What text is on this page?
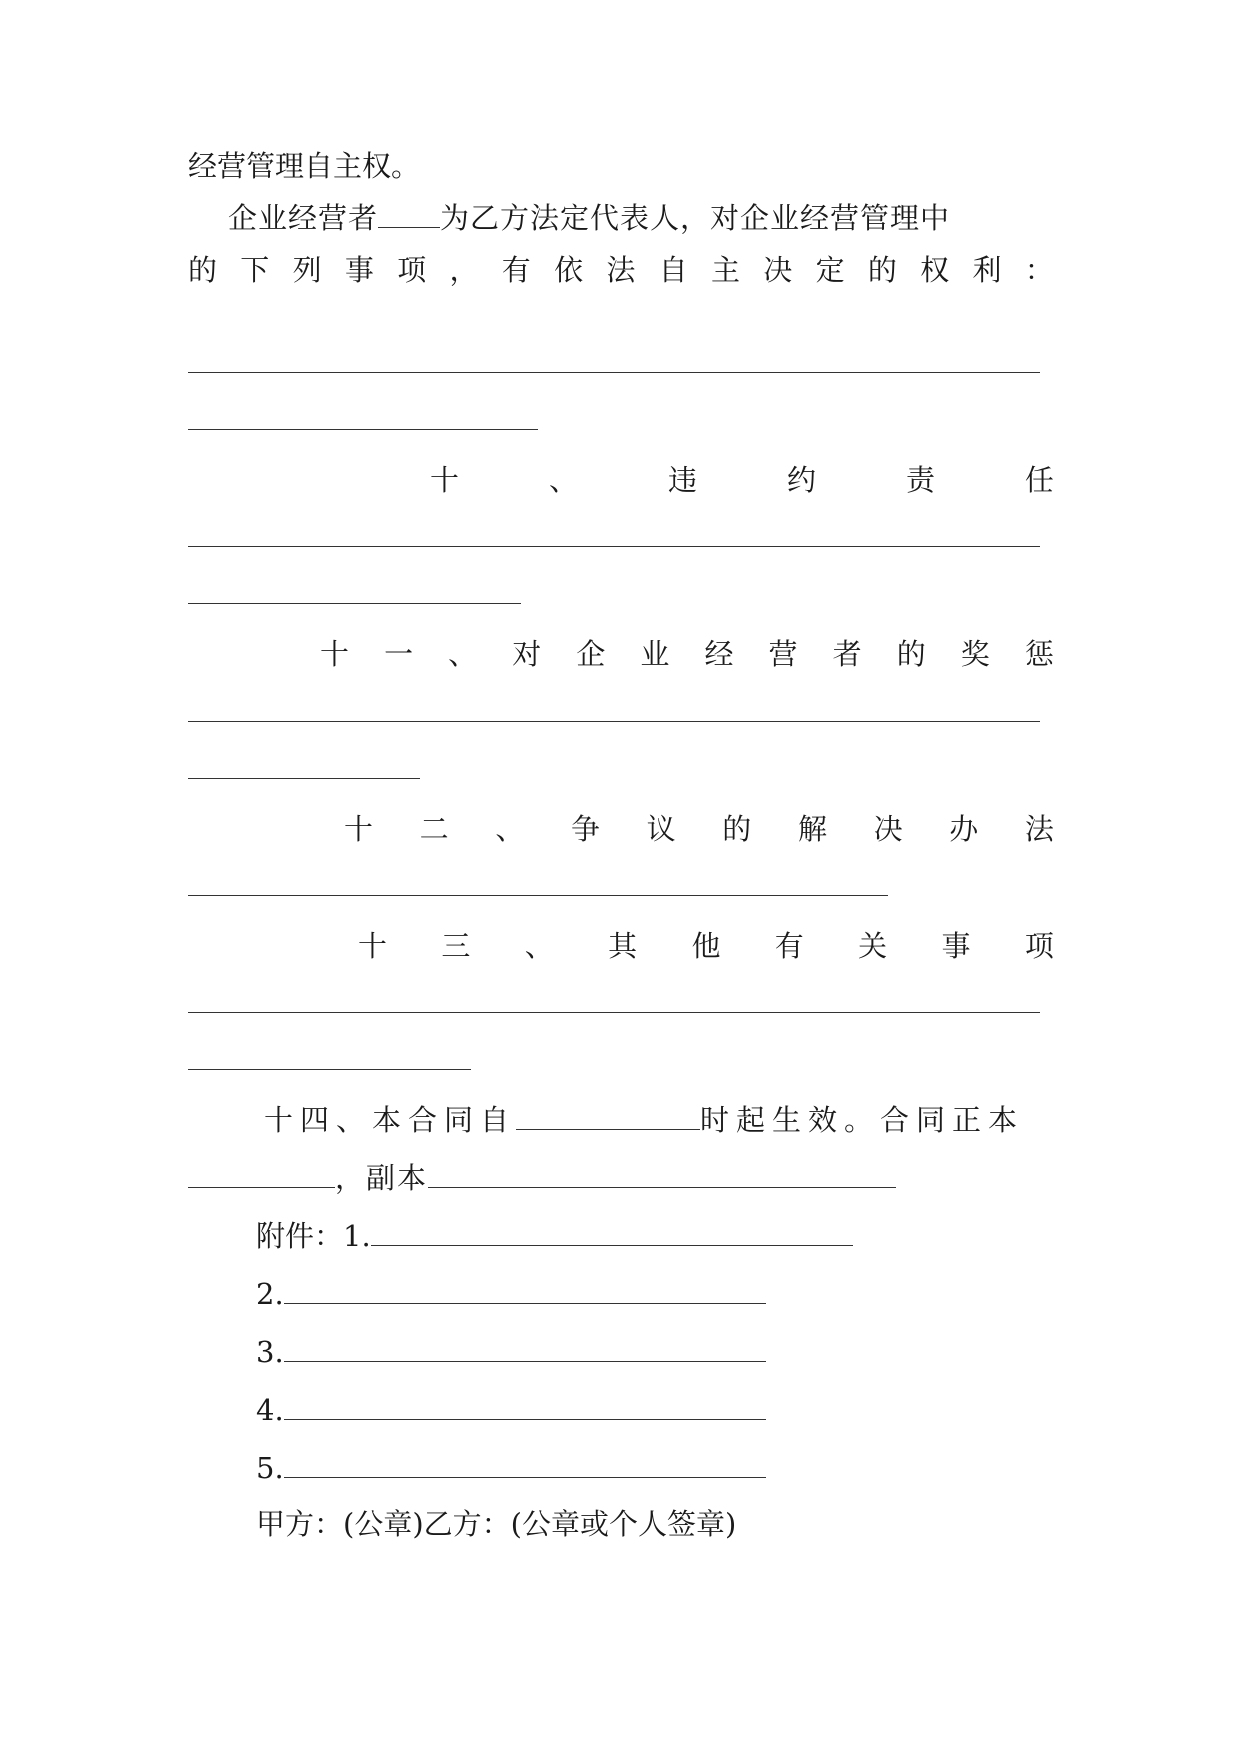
经营管理自主权。
企业经营者 为乙方法定代表人，对企业经营管理中
的 下 列 事 项 ， 有 依 法 自 主 决 定 的 权 利 ：
十	、	违	约	责	任
十 一 、 对 企 业 经 营 者 的 奖 惩
十 二 、 争 议 的 解 决 办 法
十 三 、 其 他 有 关 事 项
十四、本合同自	时起生效。合同正本
，副本
附件：1.
2.
3.
4.
5.
甲方：(公章)乙方：(公章或个人签章)
